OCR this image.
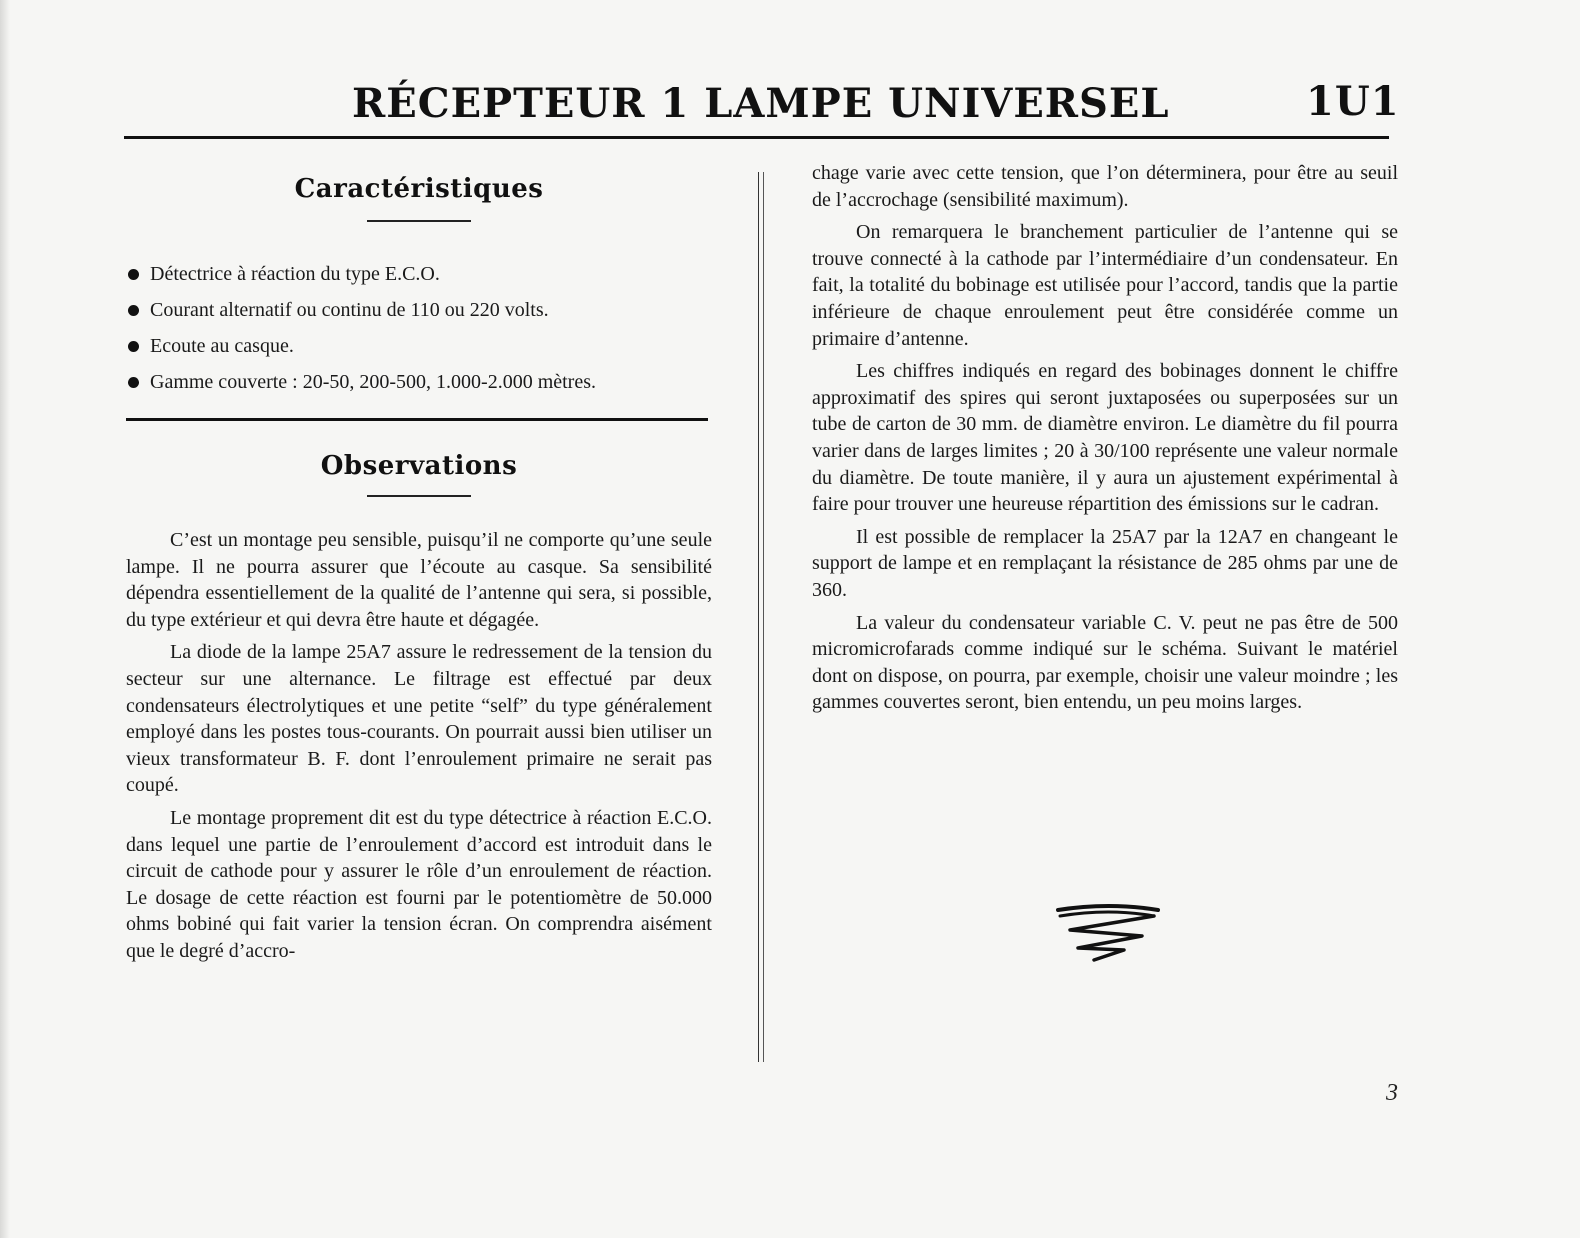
RÉCEPTEUR 1 LAMPE UNIVERSEL	1U1
Caractéristiques
Détectrice à réaction du type E.C.O.
Courant alternatif ou continu de 110 ou 220 volts.
Ecoute au casque.
Gamme couverte : 20-50, 200-500, 1.000-2.000 mètres.
Observations

C’est un montage peu sensible, puisqu’il ne comporte qu’une seule lampe. Il ne pourra assurer que l’écoute au casque. Sa sensibilité dépendra essentiellement de la qualité de l’antenne qui sera, si possible, du type extérieur et qui devra être haute et dégagée.

La diode de la lampe 25A7 assure le redressement de la tension du secteur sur une alternance. Le filtrage est effectué par deux condensateurs électrolytiques et une petite “self” du type généralement employé dans les postes tous-courants. On pourrait aussi bien utiliser un vieux transformateur B. F. dont l’enroulement primaire ne serait pas coupé.

Le montage proprement dit est du type détectrice à réaction E.C.O. dans lequel une partie de l’enroulement d’accord est introduit dans le circuit de cathode pour y assurer le rôle d’un enroulement de réaction. Le dosage de cette réaction est fourni par le potentiomètre de 50.000 ohms bobiné qui fait varier la tension écran. On comprendra aisément que le degré d’accro-

chage varie avec cette tension, que l’on déterminera, pour être au seuil de l’accrochage (sensibilité maximum).

On remarquera le branchement particulier de l’antenne qui se trouve connecté à la cathode par l’intermédiaire d’un condensateur. En fait, la totalité du bobinage est utilisée pour l’accord, tandis que la partie inférieure de chaque enroulement peut être considérée comme un primaire d’antenne.

Les chiffres indiqués en regard des bobinages donnent le chiffre approximatif des spires qui seront juxtaposées ou superposées sur un tube de carton de 30 mm. de diamètre environ. Le diamètre du fil pourra varier dans de larges limites ; 20 à 30/100 représente une valeur normale du diamètre. De toute manière, il y aura un ajustement expérimental à faire pour trouver une heureuse répartition des émissions sur le cadran.

Il est possible de remplacer la 25A7 par la 12A7 en changeant le support de lampe et en remplaçant la résistance de 285 ohms par une de 360.

La valeur du condensateur variable C. V. peut ne pas être de 500 micromicrofarads comme indiqué sur le schéma. Suivant le matériel dont on dispose, on pourra, par exemple, choisir une valeur moindre ; les gammes couvertes seront, bien entendu, un peu moins larges.

3
